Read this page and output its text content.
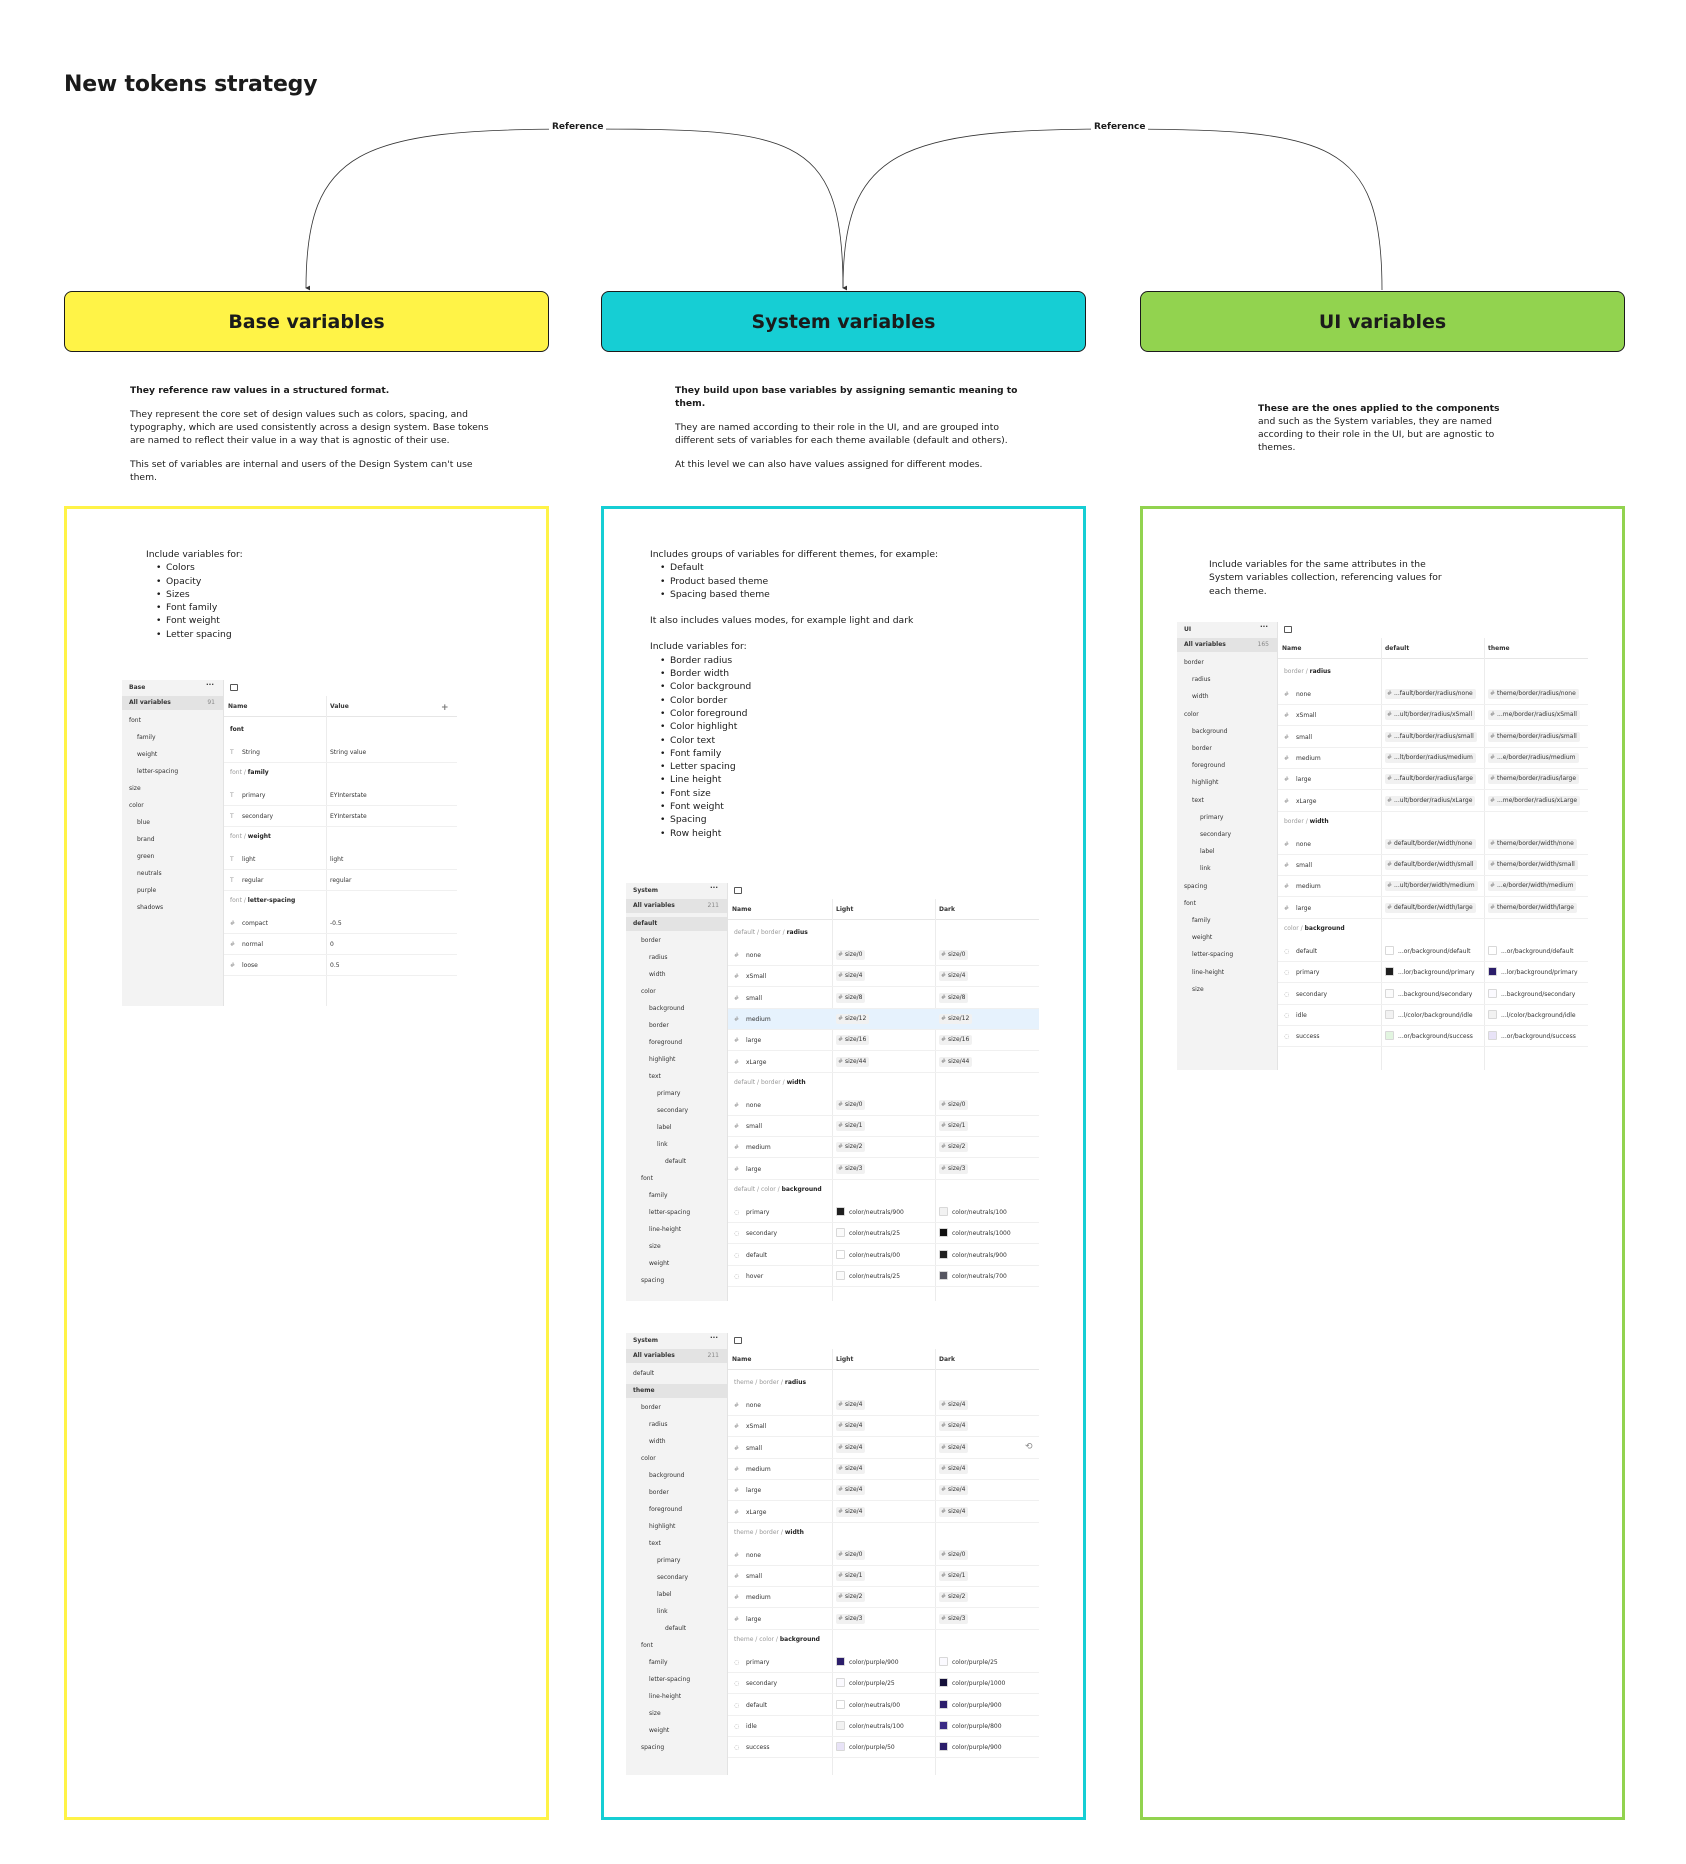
New tokens strategy
Reference	Reference
Base variables	System variables	UI variables

They reference raw values in a structured format.

They represent the core set of design values such as colors, spacing, and typography, which are used consistently across a design system. Base tokens are named to reflect their value in a way that is agnostic of their use.

This set of variables are internal and users of the Design System can't use them.

They build upon base variables by assigning semantic meaning to them.

They are named according to their role in the UI, and are grouped into different sets of variables for each theme available (default and others).

At this level we can also have values assigned for different modes.

These are the ones applied to the components and such as the System variables, they are named according to their role in the UI, but are agnostic to themes.

Include variables for:
• Colors
• Opacity
• Sizes
• Font family
• Font weight
• Letter spacing
Includes groups of variables for different themes, for example:
• Default
• Product based theme
• Spacing based theme
It also includes values modes, for example light and dark
Include variables for:
• Border radius
• Border width
• Color background
• Color border
• Color foreground
• Color highlight
• Color text
• Font family
• Letter spacing
• Line height
• Font size
• Font weight
• Spacing
• Row height
Include variables for the same attributes in the System variables collection, referencing values for each theme.
Base	···
All variables	91
font
family
weight
letter-spacing
size
color
blue
brand
green
neutrals
purple
shadows
Name	Value	+
font
T String	String value
font / family
T primary	EYInterstate
T secondary	EYInterstate
font / weight
T light	light
T regular	regular
font / letter-spacing
# compact	-0.5
# normal	0
# loose	0.5
System	···
All variables	211
default
border
radius
width
color
background
border
foreground
highlight
text
primary
secondary
label
link
default
font
family
letter-spacing
line-height
size
weight
spacing
Name	Light	Dark
default / border / radius
# none	# size/0	# size/0
# xSmall	# size/4	# size/4
# small	# size/8	# size/8
# medium	# size/12	# size/12
# large	# size/16	# size/16
# xLarge	# size/44	# size/44
default / border / width
# none	# size/0	# size/0
# small	# size/1	# size/1
# medium	# size/2	# size/2
# large	# size/3	# size/3
default / color / background
◌ primary	color/neutrals/900	color/neutrals/100
◌ secondary	color/neutrals/25	color/neutrals/1000
◌ default	color/neutrals/00	color/neutrals/900
◌ hover	color/neutrals/25	color/neutrals/700
System	···
All variables	211
default
theme
border
radius
width
color
background
border
foreground
highlight
text
primary
secondary
label
link
default
font
family
letter-spacing
line-height
size
weight
spacing
Name	Light	Dark
theme / border / radius
# none	# size/4	# size/4
# xSmall	# size/4	# size/4
# small	# size/4	# size/4	⟲
# medium	# size/4	# size/4
# large	# size/4	# size/4
# xLarge	# size/4	# size/4
theme / border / width
# none	# size/0	# size/0
# small	# size/1	# size/1
# medium	# size/2	# size/2
# large	# size/3	# size/3
theme / color / background
◌ primary	color/purple/900	color/purple/25
◌ secondary	color/purple/25	color/purple/1000
◌ default	color/neutrals/00	color/purple/900
◌ idle	color/neutrals/100	color/purple/800
◌ success	color/purple/50	color/purple/900
UI	···
All variables	165
border
radius
width
color
background
border
foreground
highlight
text
primary
secondary
label
link
spacing
font
family
weight
letter-spacing
line-height
size
Name	default	theme
border / radius
# none	# ...fault/border/radius/none	# theme/border/radius/none
# xSmall	# ...ult/border/radius/xSmall	# ...me/border/radius/xSmall
# small	# ...fault/border/radius/small	# theme/border/radius/small
# medium	# ...lt/border/radius/medium	# ...e/border/radius/medium
# large	# ...fault/border/radius/large	# theme/border/radius/large
# xLarge	# ...ult/border/radius/xLarge	# ...me/border/radius/xLarge
border / width
# none	# default/border/width/none	# theme/border/width/none
# small	# default/border/width/small	# theme/border/width/small
# medium	# ...ult/border/width/medium	# ...e/border/width/medium
# large	# default/border/width/large	# theme/border/width/large
color / background
◌ default	...or/background/default	...or/background/default
◌ primary	...lor/background/primary	...lor/background/primary
◌ secondary	...background/secondary	...background/secondary
◌ idle	...l/color/background/idle	...l/color/background/idle
◌ success	...or/background/success	...or/background/success
